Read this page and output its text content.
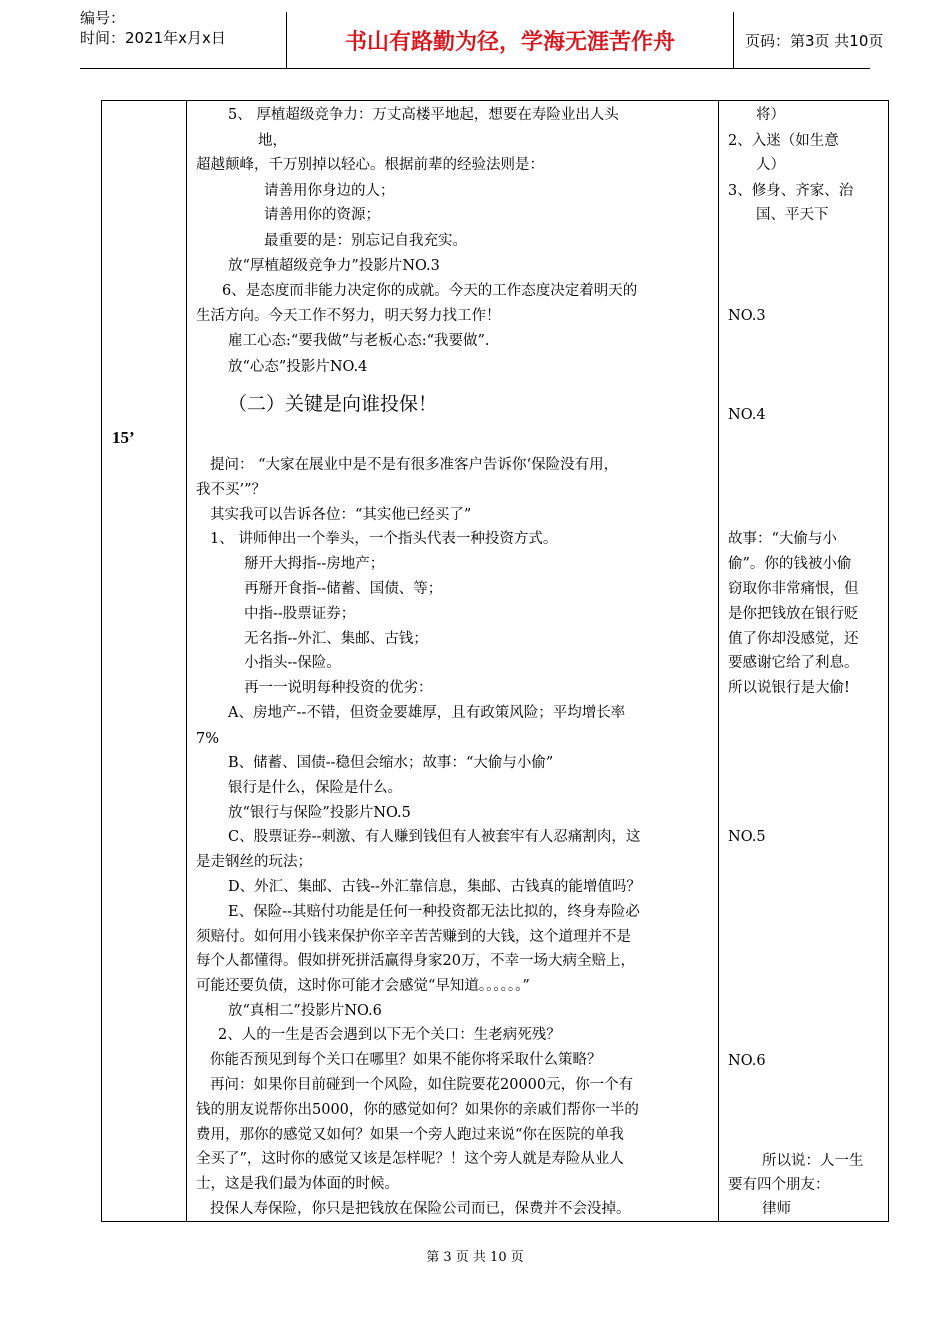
编号：
时间：2021年x月x日	书山有路勤为径，学海无涯苦作舟	页码：第3页 共10页
15’
5、 厚植超级竞争力：万丈高楼平地起，想要在寿险业出人头
地，
超越颠峰，千万别掉以轻心。根据前辈的经验法则是：
请善用你身边的人；
请善用你的资源；
最重要的是：别忘记自我充实。
放“厚植超级竞争力”投影片NO.3
6、是态度而非能力决定你的成就。今天的工作态度决定着明天的
生活方向。今天工作不努力，明天努力找工作！
雇工心态:“要我做”与老板心态:“我要做”.
放“心态”投影片NO.4
（二）关键是向谁投保！
提问： “大家在展业中是不是有很多准客户告诉你‘保险没有用，
我不买’”？
其实我可以告诉各位：“其实他已经买了”
1、 讲师伸出一个拳头，一个指头代表一种投资方式。
掰开大拇指--房地产；
再掰开食指--储蓄、国债、等；
中指--股票证券；
无名指--外汇、集邮、古钱；
小指头--保险。
再一一说明每种投资的优劣：
A、房地产--不错，但资金要雄厚，且有政策风险；平均增长率
7%
B、储蓄、国债--稳但会缩水；故事：“大偷与小偷”
银行是什么，保险是什么。
放“银行与保险”投影片NO.5
C、股票证券--刺激、有人赚到钱但有人被套牢有人忍痛割肉，这
是走钢丝的玩法；
D、外汇、集邮、古钱--外汇靠信息，集邮、古钱真的能增值吗？
E、保险--其赔付功能是任何一种投资都无法比拟的，终身寿险必
须赔付。如何用小钱来保护你辛辛苦苦赚到的大钱，这个道理并不是
每个人都懂得。假如拼死拼活赢得身家20万，不幸一场大病全赔上，
可能还要负债，这时你可能才会感觉“早知道。。。。。。”
放“真相二”投影片NO.6
2、人的一生是否会遇到以下无个关口：生老病死残？
你能否预见到每个关口在哪里？如果不能你将采取什么策略？
再问：如果你目前碰到一个风险，如住院要花20000元，你一个有
钱的朋友说帮你出5000，你的感觉如何？如果你的亲戚们帮你一半的
费用，那你的感觉又如何？如果一个旁人跑过来说“你在医院的单我
全买了”，这时你的感觉又该是怎样呢？！这个旁人就是寿险从业人
士，这是我们最为体面的时候。
投保人寿保险，你只是把钱放在保险公司而已，保费并不会没掉。
将）
2、入迷（如生意
人）
3、修身、齐家、治
国、平天下
NO.3
NO.4
故事：“大偷与小
偷”。你的钱被小偷
窃取你非常痛恨，但
是你把钱放在银行贬
值了你却没感觉，还
要感谢它给了利息。
所以说银行是大偷!
NO.5
NO.6
所以说：人一生
要有四个朋友：
律师
第 3 页 共 10 页
